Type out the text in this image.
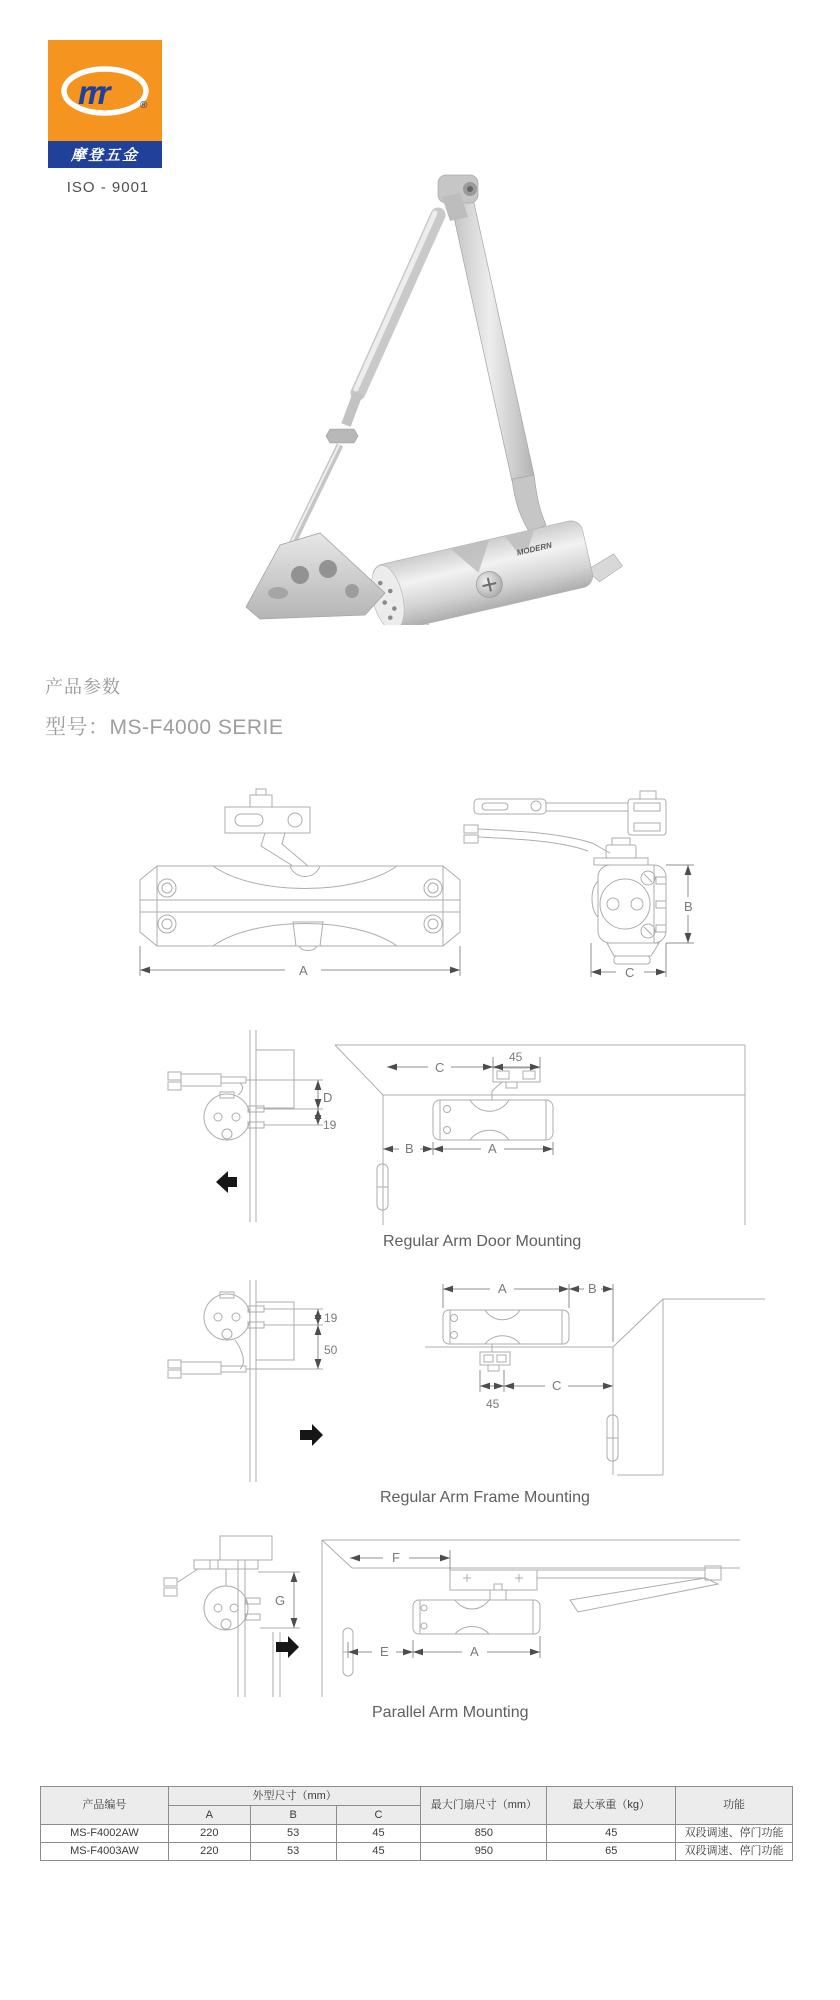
rrr	®
摩登五金
ISO - 9001
MODERN
产品参数
型号：MS-F4000 SERIE
A
B
C
D
19
C
45
B	A
Regular Arm Door Mounting
19
50
A	B
45
C
Regular Arm Frame Mounting
G
F
E	A
Parallel Arm Mounting
产品编号	外型尺寸（mm）			最大门扇尺寸（mm）	最大承重（kg）	功能
	A	B	C			
MS-F4002AW	220	53	45	850	45	双段调速、停门功能
MS-F4003AW	220	53	45	950	65	双段调速、停门功能
